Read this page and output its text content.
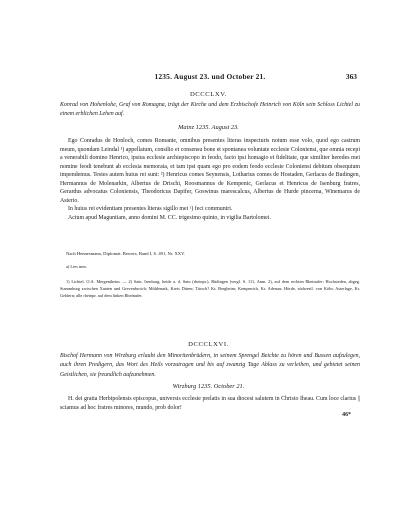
1235. August 23. und October 21.	363
DCCCLXV.
Konrad von Hohenlohe, Graf von Romagna, trägt der Kirche und dem Erzbischofe Heinrich von Köln sein Schloss Lichtel zu einem erblichen Lehen auf.
Mainz 1235. August 23.

Ego Conradus de Honloch, comes Romanie, omnibus presentes literas inspecturis notum esse volo, quod ego castrum meum, quondam Leindal ¹) appellatum, consilio et consensu bone et spontanea voluntate ecclesie Coloniensi, que omnia recepi a venerabili domino Henrico, ipsius ecclesie archiepiscopo in feodo, facto ipsi homagio et fidelitate, que similiter heredes mei nomine feodi tenebunt ab ecclesia memorata, et tam ipsi quam ego pro eodem feodo ecclesie Coloniensi debitum obsequium impendemus. Testes autem huius rei sunt: ²) Henricus comes Seynensis, Lotharius comes de Hostaden, Gerlacus de Budingen, Hermannus de Molenarkin, Albertus de Drischi, Roosmannus de Kempenic, Gerlacus et Henricus de Isenburg fratres, Gerardus advocatus Coloniensis, Theodoricus Dapifer, Goswinus marescalcus, Albertus de Hurde pincerna, Winemarus de Asterio.

In huius rei evidentiam presentes literas sigillo mei ᵃ) feci communiri.

Actum apud Maguntiam, anno domini M. CC. trigesimo quinto, in vigilia Bartolomei.

Nach Hennesmann, Diplomat. Bewers, Band I, S. 491, Nr. XXV.
a) Lies meo.

1) Lichtel, O.A. Mergentheim. — 2) Sain, Isenburg, heide a. d. Sain (rheinpr.), Büdingen (vergl. S. 111, Anm. 2), auf dem rechten Rheinufer; Hochsteden, abgeg. Stammburg zwischen Xanten und Grevenbroich; Mühlenark, Kreis Düren; Türsch? Kr. Bergheim; Kempenich, Kr. Adenau; Hörde, südwestl. von Köln; Asterlage, Kr. Geldern; alle rheinpr. auf dem linken Rheinufer.

DCCCLXVI.
Bischof Hermann von Wirzburg erlaubt den Minoritenbrüdern, in seinem Sprengel Beichte zu hören und Bussen aufzulegen, auch ihren Predigern, das Wort des Heils vorzutragen und bis auf zwanzig Tage Ablass zu verleihen, und gebietet seinen Geistlichen, sie freundlich aufzunehmen.
Wirzburg 1235. October 21.

H. dei gratia Herbipolensis episcopus, universis ecclesie prelatis in sua diocesi salutem in Christo Iheau. Cum loce clarius || sciamus ad hoc fratres minores, mundo, prob dolor!

46*
